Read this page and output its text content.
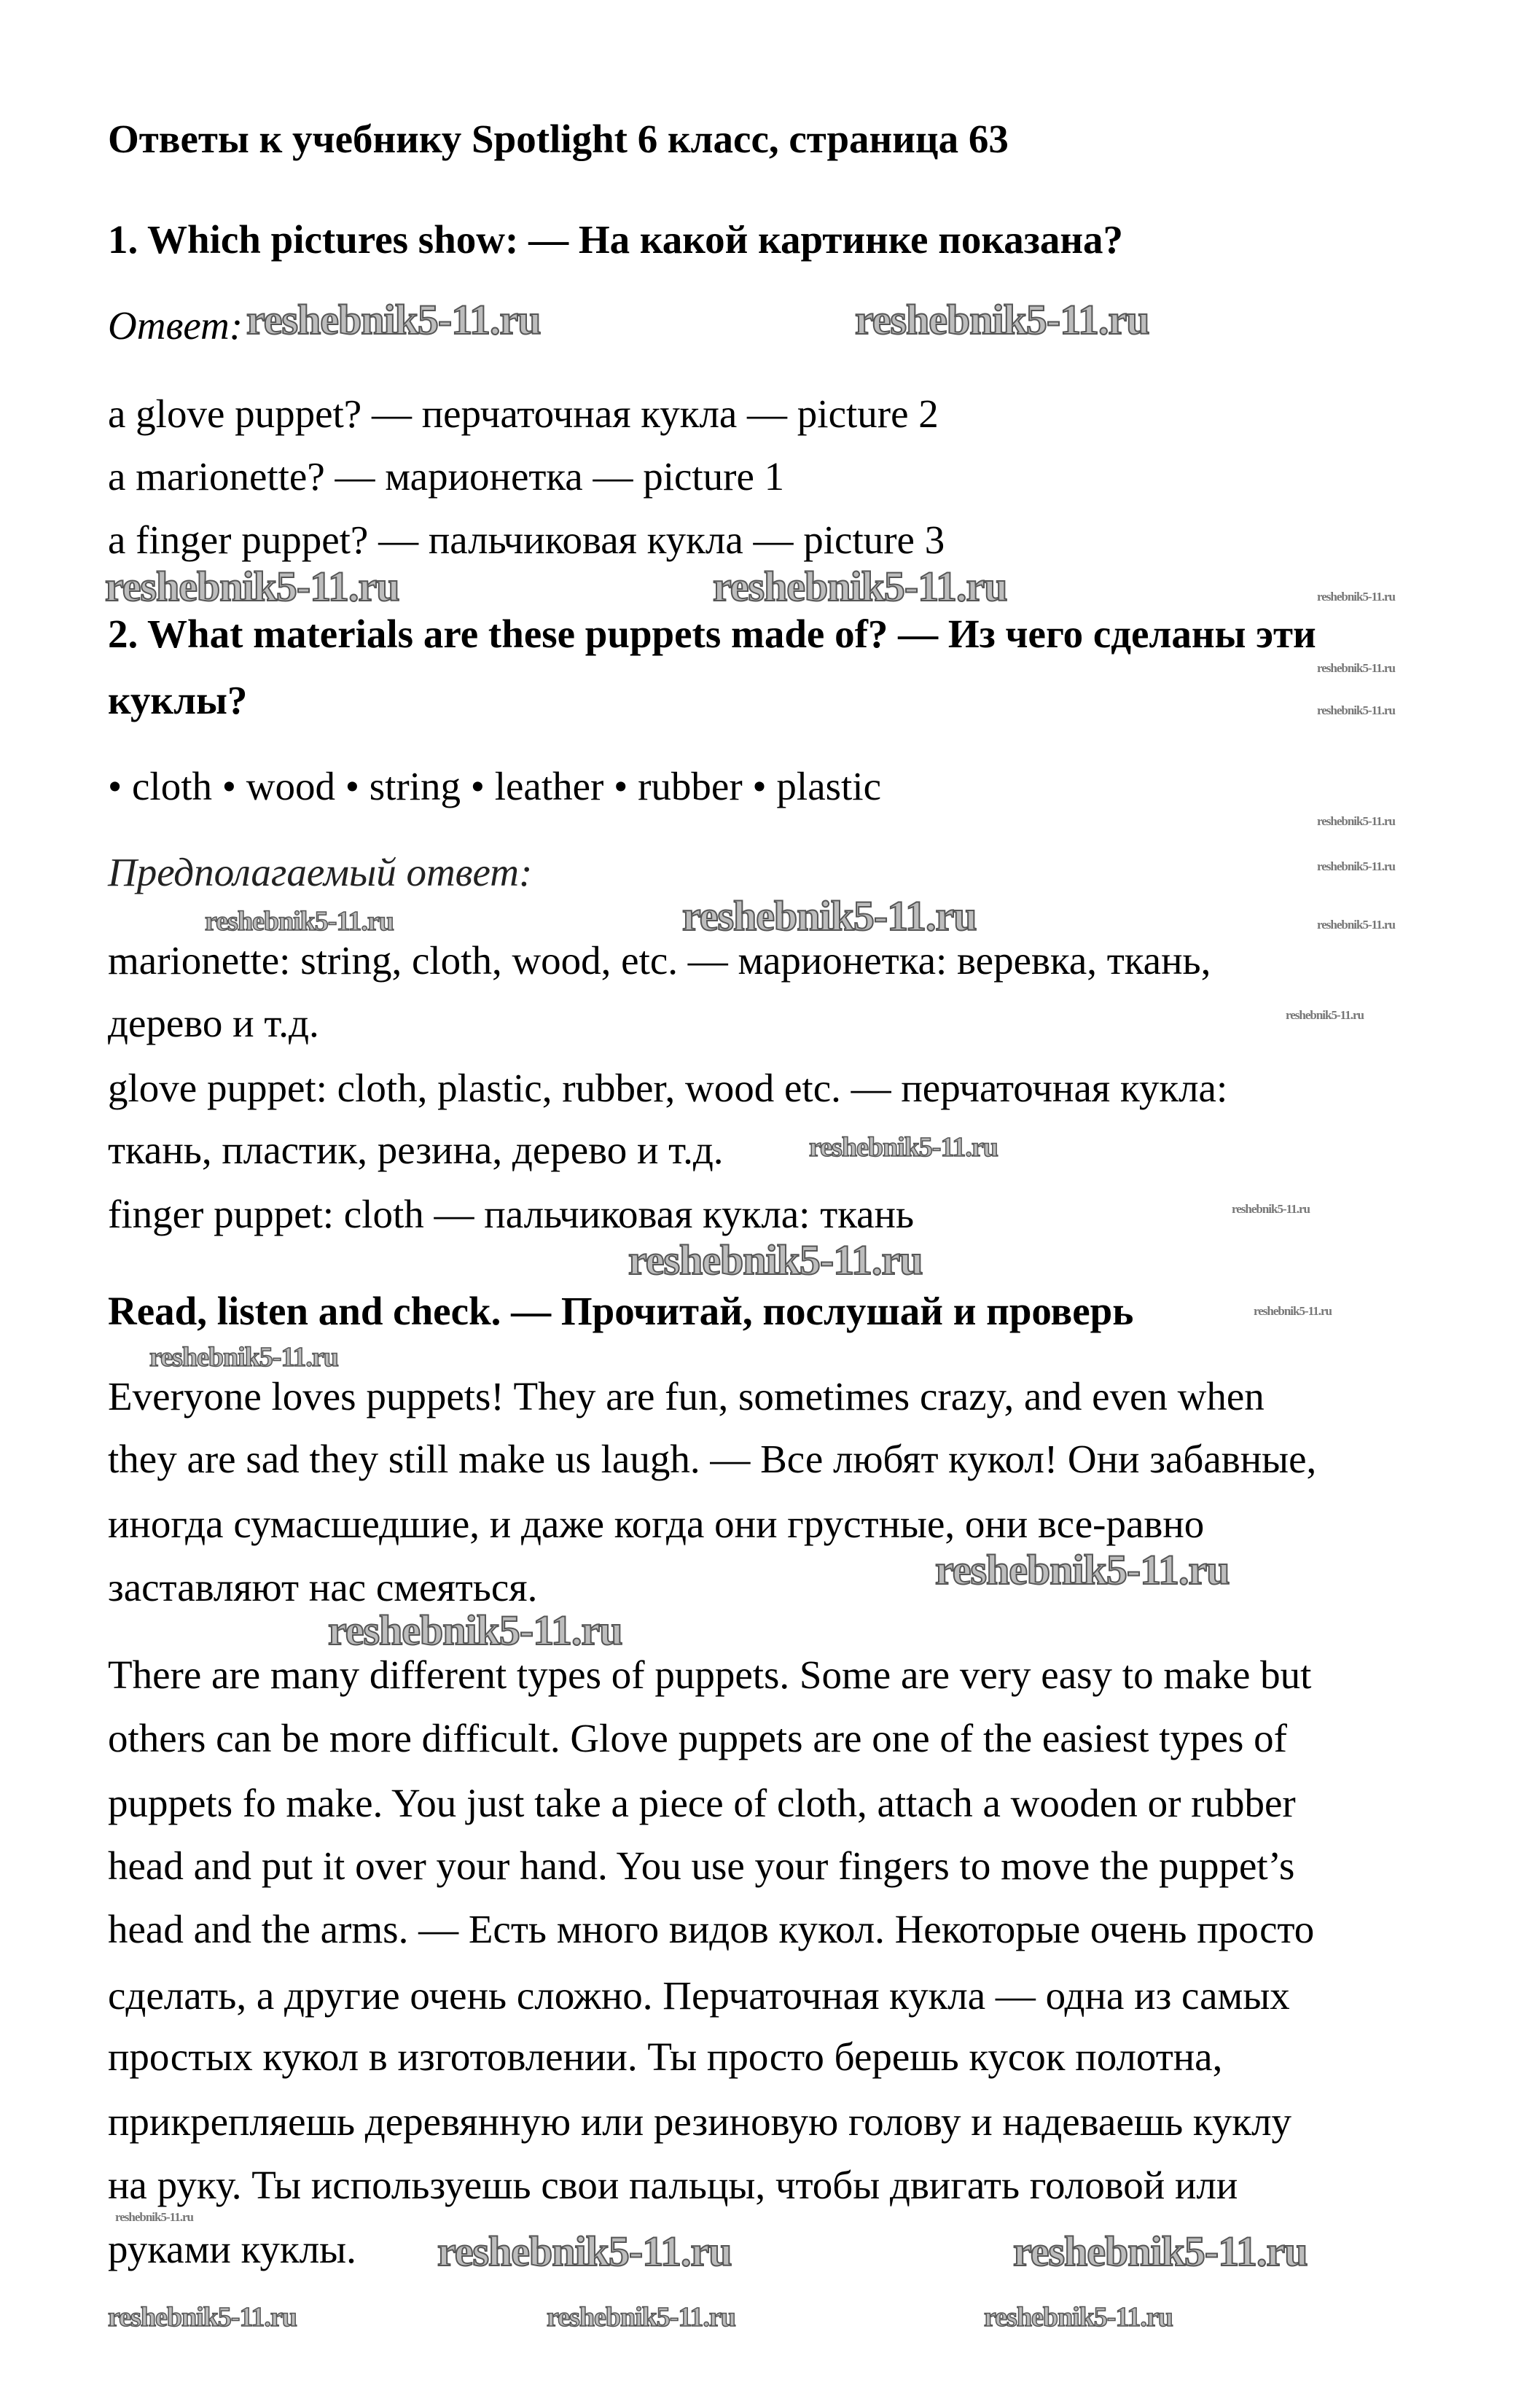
Ответы к учебнику Spotlight 6 класс, страница 63
1. Which pictures show: — На какой картинке показана?
Ответ:
a glove puppet? — перчаточная кукла — picture 2
a marionette? — марионетка — picture 1
a finger puppet? — пальчиковая кукла — picture 3
2. What materials are these puppets made of? — Из чего сделаны эти
куклы?
• cloth • wood • string • leather • rubber • plastic
Предполагаемый ответ:
marionette: string, cloth, wood, etc. — марионетка: веревка, ткань,
дерево и т.д.
glove puppet: cloth, plastic, rubber, wood etc. — перчаточная кукла:
ткань, пластик, резина, дерево и т.д.
finger puppet: cloth — пальчиковая кукла: ткань
Read, listen and check. — Прочитай, послушай и проверь
Everyone loves puppets! They are fun, sometimes crazy, and even when
they are sad they still make us laugh. — Все любят кукол! Они забавные,
иногда сумасшедшие, и даже когда они грустные, они все-равно
заставляют нас смеяться.
There are many different types of puppets. Some are very easy to make but
others can be more difficult. Glove puppets are one of the easiest types of
puppets fo make. You just take a piece of cloth, attach a wooden or rubber
head and put it over your hand. You use your fingers to move the puppet’s
head and the arms. — Есть много видов кукол. Некоторые очень просто
сделать, а другие очень сложно. Перчаточная кукла — одна из самых
простых кукол в изготовлении. Ты просто берешь кусок полотна,
прикрепляешь деревянную или резиновую голову и надеваешь куклу
на руку. Ты используешь свои пальцы, чтобы двигать головой или
руками куклы.
reshebnik5-11.ru	reshebnik5-11.ru
reshebnik5-11.ru	reshebnik5-11.ru
reshebnik5-11.ru	reshebnik5-11.ru
reshebnik5-11.ru
reshebnik5-11.ru
reshebnik5-11.ru
reshebnik5-11.ru
reshebnik5-11.ru
reshebnik5-11.ru	reshebnik5-11.ru	reshebnik5-11.ru
reshebnik5-11.ru	reshebnik5-11.ru
reshebnik5-11.ru
reshebnik5-11.ru
reshebnik5-11.ru
reshebnik5-11.ru
reshebnik5-11.ru
reshebnik5-11.ru
reshebnik5-11.ru
reshebnik5-11.ru
reshebnik5-11.ru
reshebnik5-11.ru
